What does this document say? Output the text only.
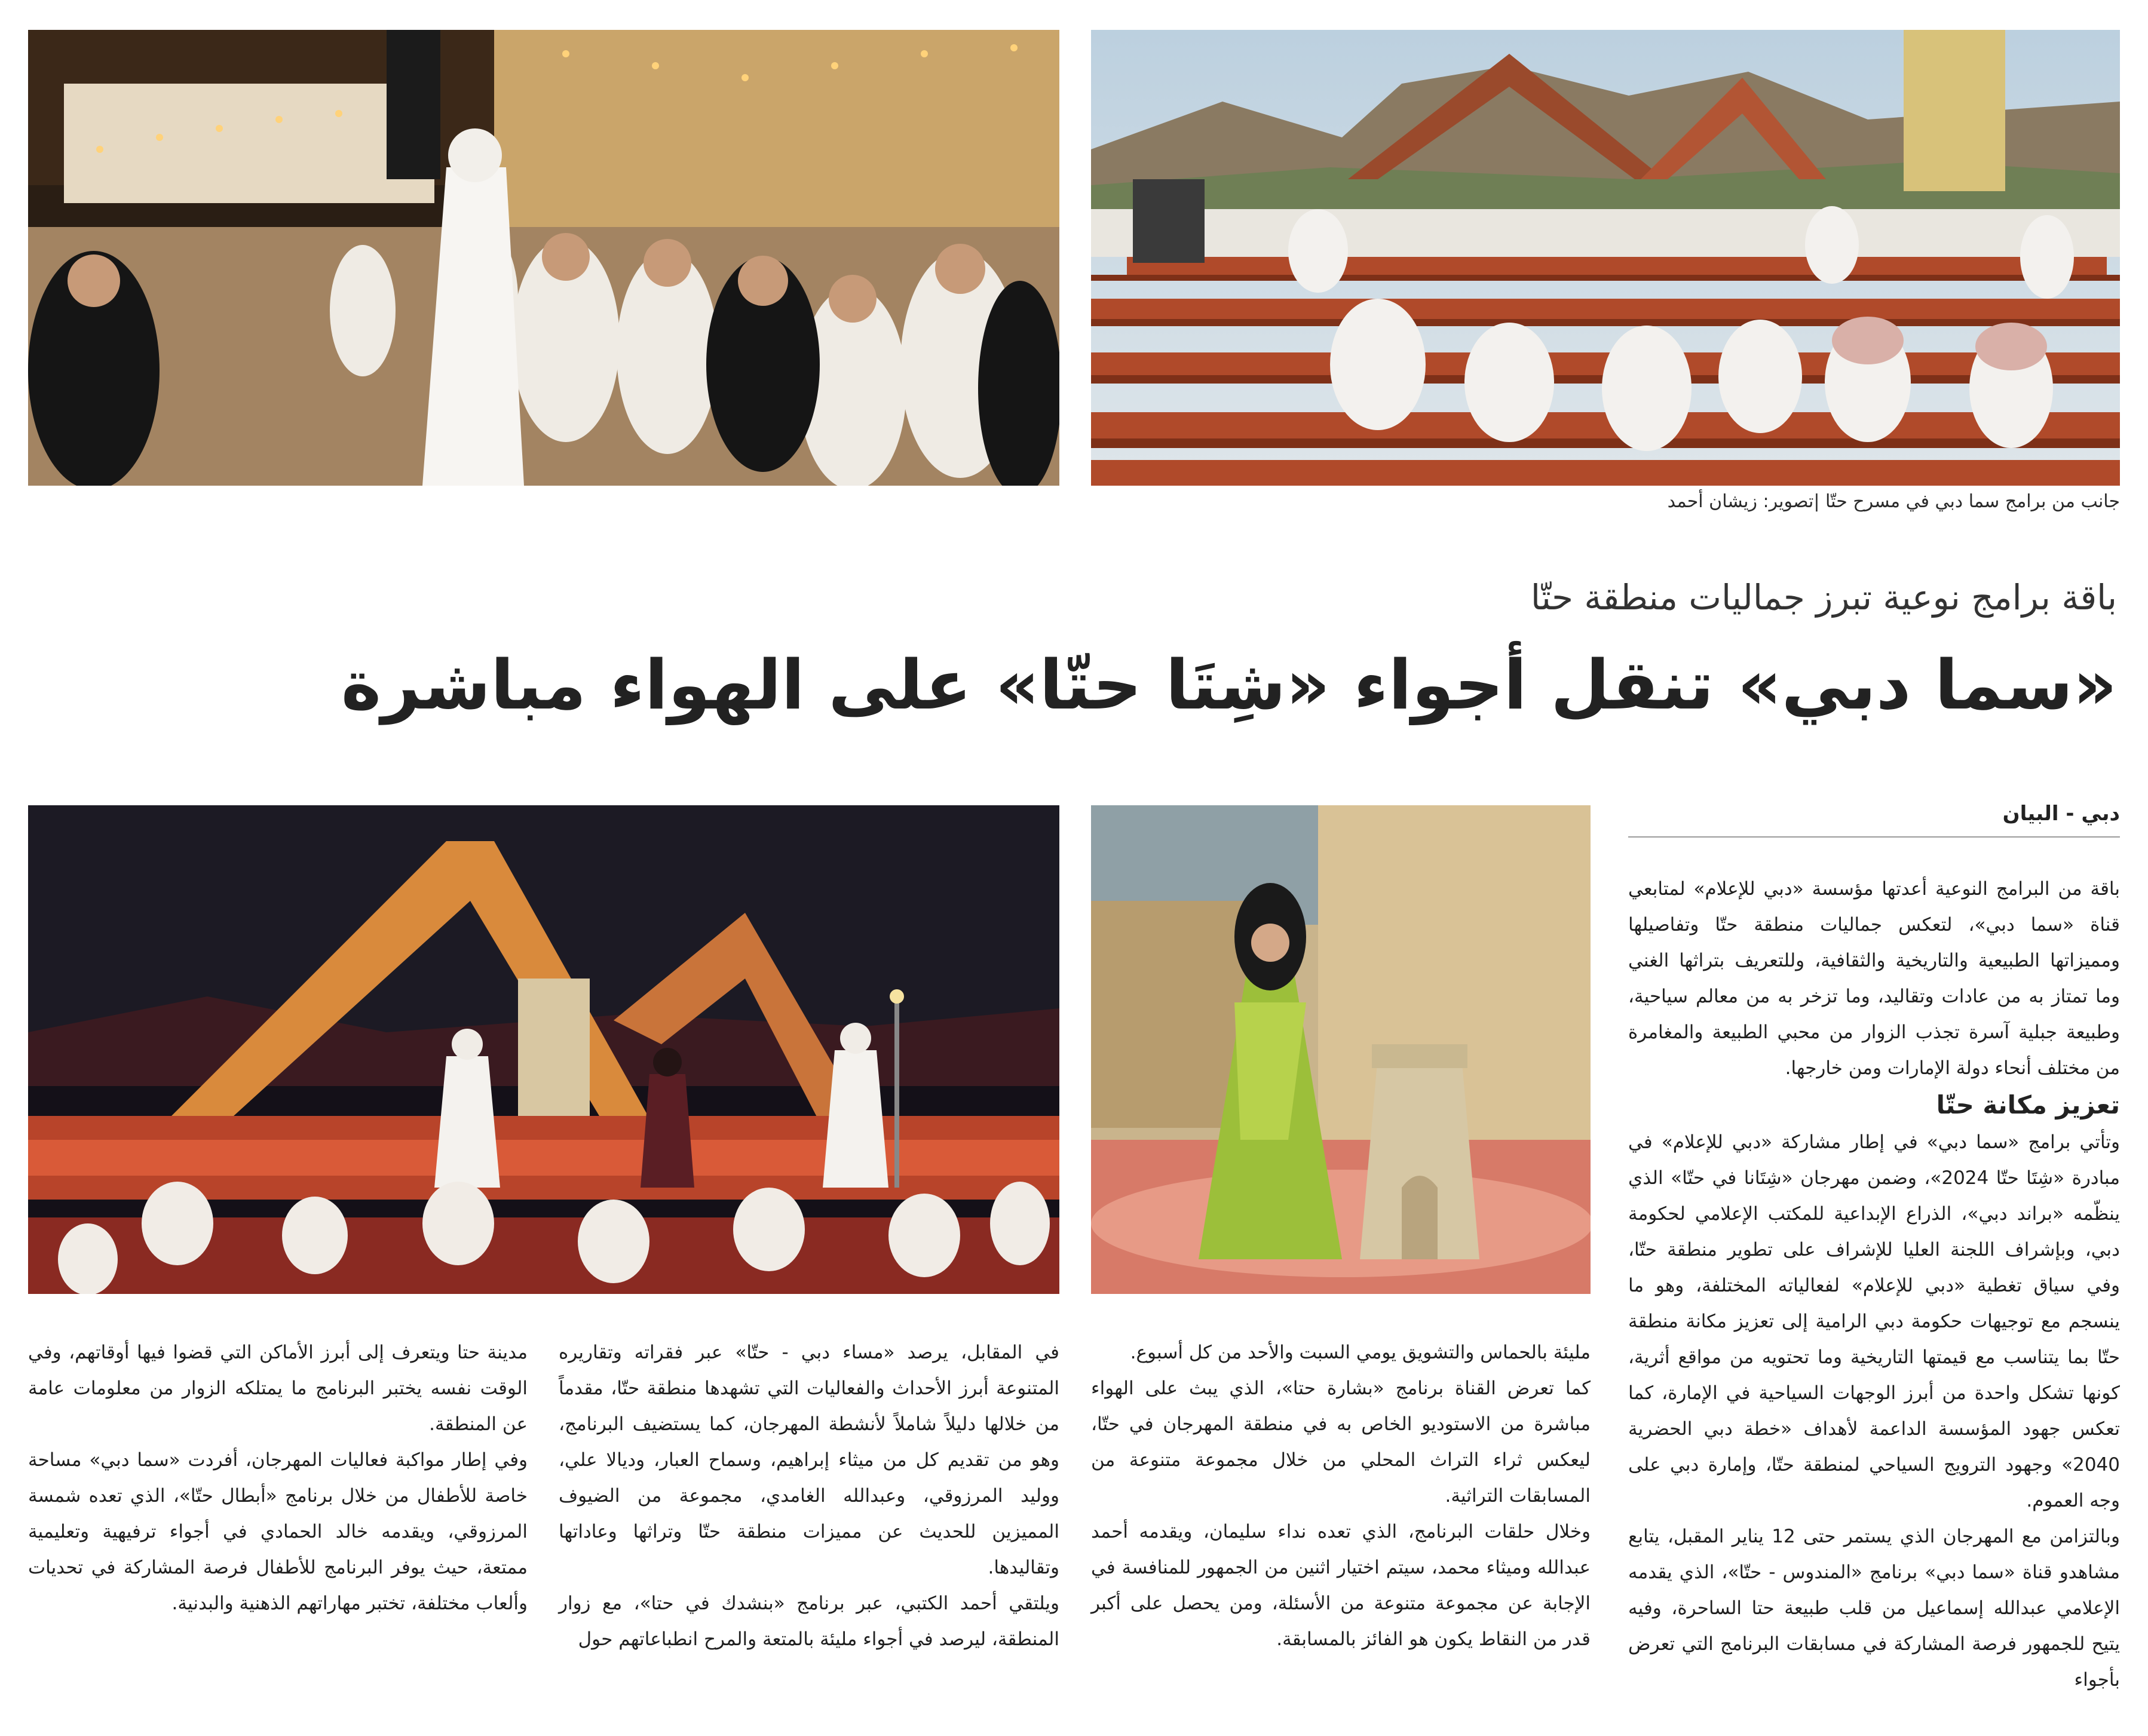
جانب من برامج سما دبي في مسرح حتّا |تصوير: زيشان أحمد
باقة برامج نوعية تبرز جماليات منطقة حتّا
«سما دبي» تنقل أجواء «شِتَا حتّا» على الهواء مباشرة
دبي - البيان

باقة من البرامج النوعية أعدتها مؤسسة «دبي للإعلام» لمتابعي قناة «سما دبي»، لتعكس جماليات منطقة حتّا وتفاصيلها ومميزاتها الطبيعية والتاريخية والثقافية، وللتعريف بتراثها الغني وما تمتاز به من عادات وتقاليد، وما تزخر به من معالم سياحية، وطبيعة جبلية آسرة تجذب الزوار من محبي الطبيعة والمغامرة من مختلف أنحاء دولة الإمارات ومن خارجها.

تعزيز مكانة حتّا

وتأتي برامج «سما دبي» في إطار مشاركة «دبي للإعلام» في مبادرة «شِتَا حتّا 2024»، وضمن مهرجان «شِتَانا في حتّا» الذي ينظّمه «براند دبي»، الذراع الإبداعية للمكتب الإعلامي لحكومة دبي، وبإشراف اللجنة العليا للإشراف على تطوير منطقة حتّا، وفي سياق تغطية «دبي للإعلام» لفعالياته المختلفة، وهو ما ينسجم مع توجيهات حكومة دبي الرامية إلى تعزيز مكانة منطقة حتّا بما يتناسب مع قيمتها التاريخية وما تحتويه من مواقع أثرية، كونها تشكل واحدة من أبرز الوجهات السياحية في الإمارة، كما تعكس جهود المؤسسة الداعمة لأهداف «خطة دبي الحضرية 2040» وجهود الترويج السياحي لمنطقة حتّا، وإمارة دبي على وجه العموم.

وبالتزامن مع المهرجان الذي يستمر حتى 12 يناير المقبل، يتابع مشاهدو قناة «سما دبي» برنامج «المندوس - حتّا»، الذي يقدمه الإعلامي عبدالله إسماعيل من قلب طبيعة حتا الساحرة، وفيه يتيح للجمهور فرصة المشاركة في مسابقات البرنامج التي تعرض بأجواء

مليئة بالحماس والتشويق يومي السبت والأحد من كل أسبوع.

كما تعرض القناة برنامج «بشارة حتا»، الذي يبث على الهواء مباشرة من الاستوديو الخاص به في منطقة المهرجان في حتّا، ليعكس ثراء التراث المحلي من خلال مجموعة متنوعة من المسابقات التراثية.

وخلال حلقات البرنامج، الذي تعده نداء سليمان، ويقدمه أحمد عبدالله وميثاء محمد، سيتم اختيار اثنين من الجمهور للمنافسة في الإجابة عن مجموعة متنوعة من الأسئلة، ومن يحصل على أكبر قدر من النقاط يكون هو الفائز بالمسابقة.

في المقابل، يرصد «مساء دبي - حتّا» عبر فقراته وتقاريره المتنوعة أبرز الأحداث والفعاليات التي تشهدها منطقة حتّا، مقدماً من خلالها دليلاً شاملاً لأنشطة المهرجان، كما يستضيف البرنامج، وهو من تقديم كل من ميثاء إبراهيم، وسماح العبار، وديالا علي، ووليد المرزوقي، وعبدالله الغامدي، مجموعة من الضيوف المميزين للحديث عن مميزات منطقة حتّا وتراثها وعاداتها وتقاليدها.

ويلتقي أحمد الكتبي، عبر برنامج «بنشدك في حتا»، مع زوار المنطقة، ليرصد في أجواء مليئة بالمتعة والمرح انطباعاتهم حول

مدينة حتا ويتعرف إلى أبرز الأماكن التي قضوا فيها أوقاتهم، وفي الوقت نفسه يختبر البرنامج ما يمتلكه الزوار من معلومات عامة عن المنطقة.

وفي إطار مواكبة فعاليات المهرجان، أفردت «سما دبي» مساحة خاصة للأطفال من خلال برنامج «أبطال حتّا»، الذي تعده شمسة المرزوقي، ويقدمه خالد الحمادي في أجواء ترفيهية وتعليمية ممتعة، حيث يوفر البرنامج للأطفال فرصة المشاركة في تحديات وألعاب مختلفة، تختبر مهاراتهم الذهنية والبدنية.
